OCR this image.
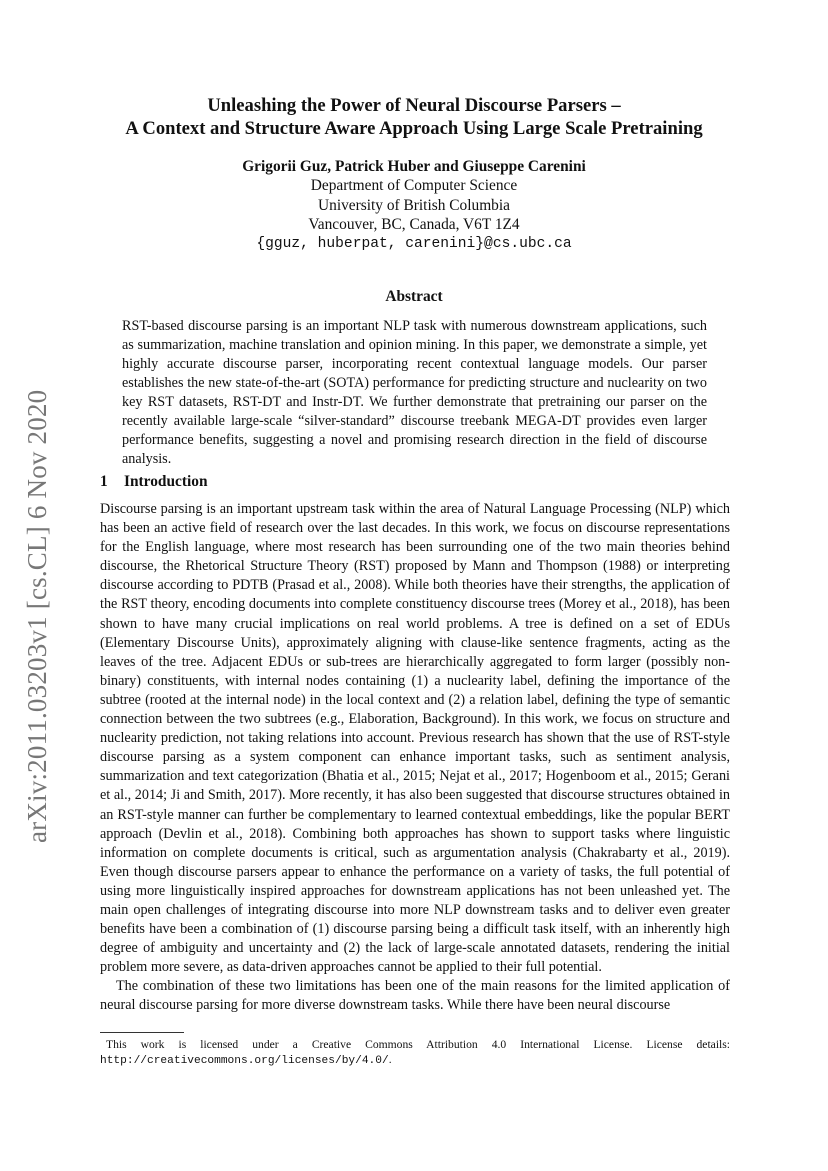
arXiv:2011.03203v1 [cs.CL] 6 Nov 2020
Unleashing the Power of Neural Discourse Parsers –
A Context and Structure Aware Approach Using Large Scale Pretraining
Grigorii Guz, Patrick Huber and Giuseppe Carenini
Department of Computer Science
University of British Columbia
Vancouver, BC, Canada, V6T 1Z4
{gguz, huberpat, carenini}@cs.ubc.ca
Abstract
RST-based discourse parsing is an important NLP task with numerous downstream applications, such as summarization, machine translation and opinion mining. In this paper, we demonstrate a simple, yet highly accurate discourse parser, incorporating recent contextual language models. Our parser establishes the new state-of-the-art (SOTA) performance for predicting structure and nuclearity on two key RST datasets, RST-DT and Instr-DT. We further demonstrate that pretraining our parser on the recently available large-scale “silver-standard” discourse treebank MEGA-DT provides even larger performance benefits, suggesting a novel and promising research direction in the field of discourse analysis.
1 Introduction

Discourse parsing is an important upstream task within the area of Natural Language Processing (NLP) which has been an active field of research over the last decades. In this work, we focus on discourse representations for the English language, where most research has been surrounding one of the two main theories behind discourse, the Rhetorical Structure Theory (RST) proposed by Mann and Thompson (1988) or interpreting discourse according to PDTB (Prasad et al., 2008). While both theories have their strengths, the application of the RST theory, encoding documents into complete constituency discourse trees (Morey et al., 2018), has been shown to have many crucial implications on real world problems. A tree is defined on a set of EDUs (Elementary Discourse Units), approximately aligning with clause-like sentence fragments, acting as the leaves of the tree. Adjacent EDUs or sub-trees are hierarchically aggregated to form larger (possibly non-binary) constituents, with internal nodes containing (1) a nuclearity label, defining the importance of the subtree (rooted at the internal node) in the local context and (2) a relation label, defining the type of semantic connection between the two subtrees (e.g., Elaboration, Background). In this work, we focus on structure and nuclearity prediction, not taking relations into account. Previous research has shown that the use of RST-style discourse parsing as a system component can enhance important tasks, such as sentiment analysis, summarization and text categorization (Bhatia et al., 2015; Nejat et al., 2017; Hogenboom et al., 2015; Gerani et al., 2014; Ji and Smith, 2017). More recently, it has also been suggested that discourse structures obtained in an RST-style manner can further be complementary to learned contextual embeddings, like the popular BERT approach (Devlin et al., 2018). Combining both approaches has shown to support tasks where linguistic information on complete documents is critical, such as argumentation analysis (Chakrabarty et al., 2019). Even though discourse parsers appear to enhance the performance on a variety of tasks, the full potential of using more linguistically inspired approaches for downstream applications has not been unleashed yet. The main open challenges of integrating discourse into more NLP downstream tasks and to deliver even greater benefits have been a combination of (1) discourse parsing being a difficult task itself, with an inherently high degree of ambiguity and uncertainty and (2) the lack of large-scale annotated datasets, rendering the initial problem more severe, as data-driven approaches cannot be applied to their full potential.

The combination of these two limitations has been one of the main reasons for the limited application of neural discourse parsing for more diverse downstream tasks. While there have been neural discourse

This work is licensed under a Creative Commons Attribution 4.0 International License. License details: http://creativecommons.org/licenses/by/4.0/.
